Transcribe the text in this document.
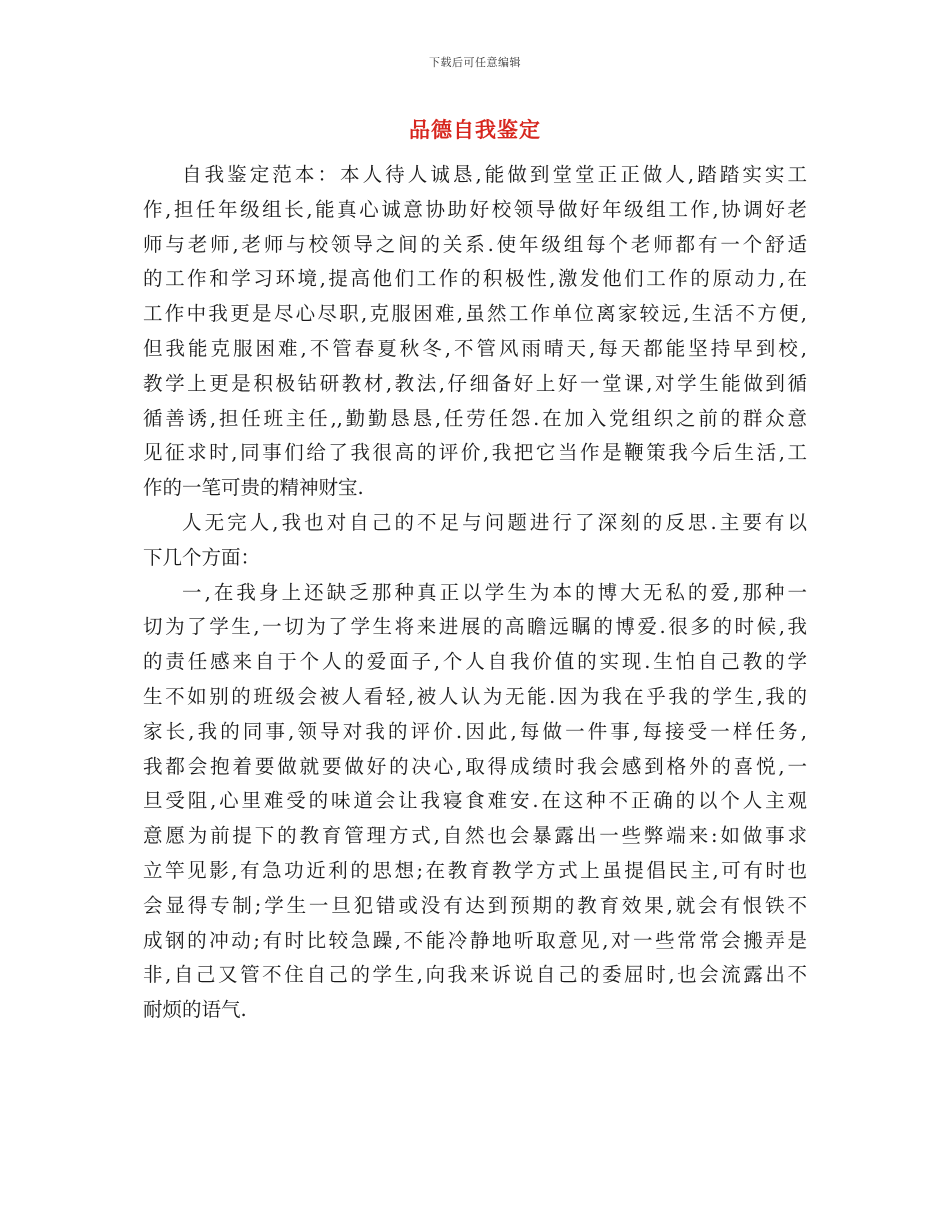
下载后可任意编辑
品德自我鉴定
自我鉴定范本：本人待人诚恳,能做到堂堂正正做人,踏踏实实工
作,担任年级组长,能真心诚意协助好校领导做好年级组工作,协调好老
师与老师,老师与校领导之间的关系.使年级组每个老师都有一个舒适
的工作和学习环境,提高他们工作的积极性,激发他们工作的原动力,在
工作中我更是尽心尽职,克服困难,虽然工作单位离家较远,生活不方便,
但我能克服困难,不管春夏秋冬,不管风雨晴天,每天都能坚持早到校,
教学上更是积极钻研教材,教法,仔细备好上好一堂课,对学生能做到循
循善诱,担任班主任,,勤勤恳恳,任劳任怨.在加入党组织之前的群众意
见征求时,同事们给了我很高的评价,我把它当作是鞭策我今后生活,工
作的一笔可贵的精神财宝.
人无完人,我也对自己的不足与问题进行了深刻的反思.主要有以
下几个方面：
一,在我身上还缺乏那种真正以学生为本的博大无私的爱,那种一
切为了学生,一切为了学生将来进展的高瞻远瞩的博爱.很多的时候,我
的责任感来自于个人的爱面子,个人自我价值的实现.生怕自己教的学
生不如别的班级会被人看轻,被人认为无能.因为我在乎我的学生,我的
家长,我的同事,领导对我的评价.因此,每做一件事,每接受一样任务,
我都会抱着要做就要做好的决心,取得成绩时我会感到格外的喜悦,一
旦受阻,心里难受的味道会让我寝食难安.在这种不正确的以个人主观
意愿为前提下的教育管理方式,自然也会暴露出一些弊端来:如做事求
立竿见影,有急功近利的思想;在教育教学方式上虽提倡民主,可有时也
会显得专制;学生一旦犯错或没有达到预期的教育效果,就会有恨铁不
成钢的冲动;有时比较急躁,不能冷静地听取意见,对一些常常会搬弄是
非,自己又管不住自己的学生,向我来诉说自己的委屈时,也会流露出不
耐烦的语气.
